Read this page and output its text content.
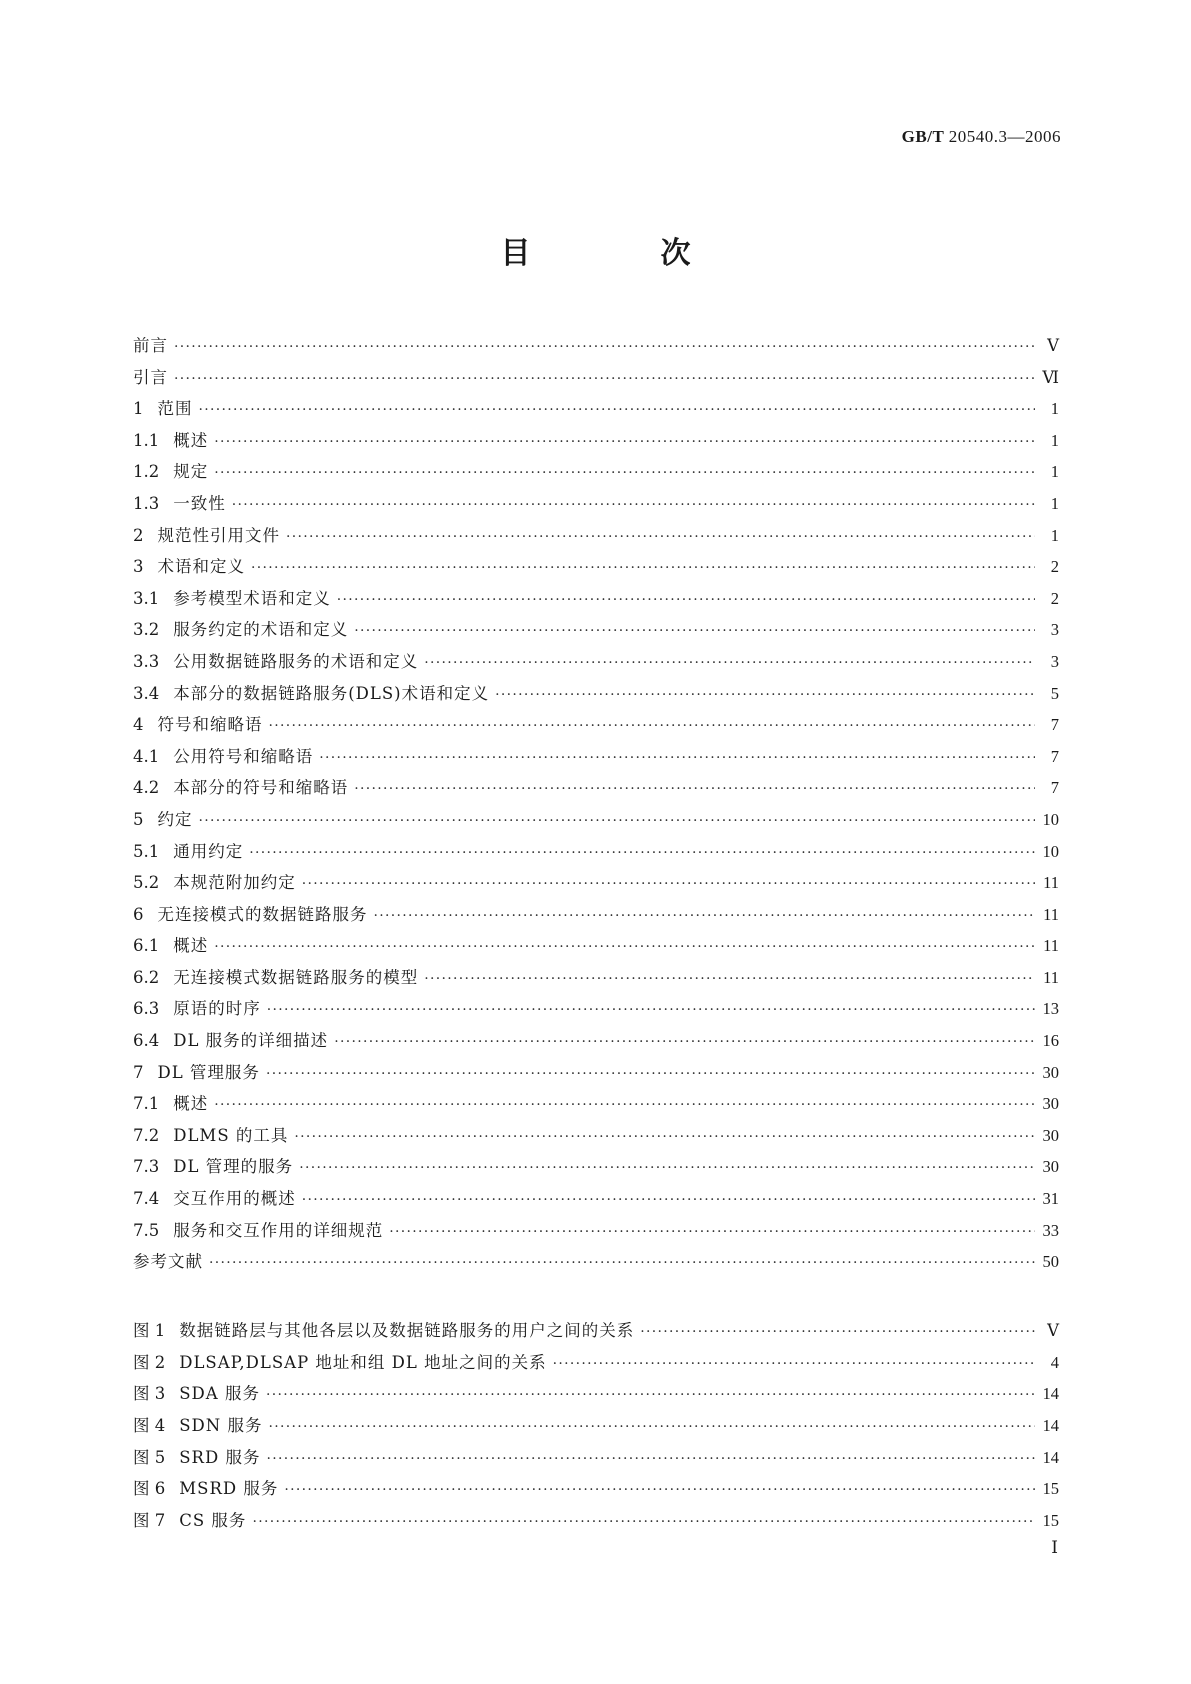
GB/T 20540.3—2006
目　次
前言 ·····	Ⅴ
引言 ·····	Ⅵ
1 范围 ·····	1
1.1 概述 ·····	1
1.2 规定 ·····	1
1.3 一致性 ·····	1
2 规范性引用文件 ·····	1
3 术语和定义 ·····	2
3.1 参考模型术语和定义 ·····	2
3.2 服务约定的术语和定义 ·····	3
3.3 公用数据链路服务的术语和定义 ·····	3
3.4 本部分的数据链路服务(DLS)术语和定义 ·····	5
4 符号和缩略语 ·····	7
4.1 公用符号和缩略语 ·····	7
4.2 本部分的符号和缩略语 ·····	7
5 约定 ·····	10
5.1 通用约定 ·····	10
5.2 本规范附加约定 ·····	11
6 无连接模式的数据链路服务 ·····	11
6.1 概述 ·····	11
6.2 无连接模式数据链路服务的模型 ·····	11
6.3 原语的时序 ·····	13
6.4 DL 服务的详细描述 ·····	16
7 DL 管理服务 ·····	30
7.1 概述 ·····	30
7.2 DLMS 的工具 ·····	30
7.3 DL 管理的服务 ·····	30
7.4 交互作用的概述 ·····	31
7.5 服务和交互作用的详细规范 ·····	33
参考文献 ·····	50
图 1 数据链路层与其他各层以及数据链路服务的用户之间的关系 ·····	Ⅴ
图 2 DLSAP,DLSAP 地址和组 DL 地址之间的关系 ·····	4
图 3 SDA 服务 ·····	14
图 4 SDN 服务 ·····	14
图 5 SRD 服务 ·····	14
图 6 MSRD 服务 ·····	15
图 7 CS 服务 ·····	15
Ⅰ
